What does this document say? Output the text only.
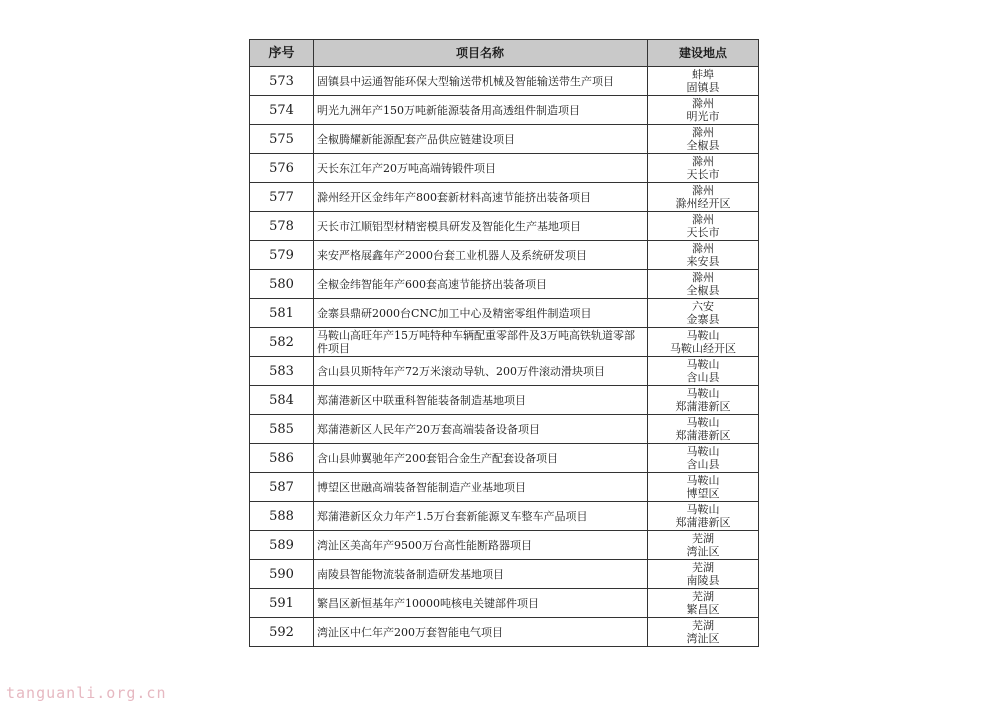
序号	项目名称	建设地点
573	固镇县中运通智能环保大型输送带机械及智能输送带生产项目	蚌埠
固镇县

574	明光九洲年产150万吨新能源装备用高透组件制造项目	滁州
明光市

575	全椒腾耀新能源配套产品供应链建设项目	滁州
全椒县

576	天长东江年产20万吨高端铸锻件项目	滁州
天长市

577	滁州经开区金纬年产800套新材料高速节能挤出装备项目	滁州
滁州经开区

578	天长市江顺铝型材精密模具研发及智能化生产基地项目	滁州
天长市

579	来安严格展鑫年产2000台套工业机器人及系统研发项目	滁州
来安县

580	全椒金纬智能年产600套高速节能挤出装备项目	滁州
全椒县

581	金寨县鼎研2000台CNC加工中心及精密零组件制造项目	六安
金寨县

582	马鞍山高旺年产15万吨特种车辆配重零部件及3万吨高铁轨道零部件项目	马鞍山
马鞍山经开区

583	含山县贝斯特年产72万米滚动导轨、200万件滚动滑块项目	马鞍山
含山县

584	郑蒲港新区中联重科智能装备制造基地项目	马鞍山
郑蒲港新区

585	郑蒲港新区人民年产20万套高端装备设备项目	马鞍山
郑蒲港新区

586	含山县帅翼驰年产200套铝合金生产配套设备项目	马鞍山
含山县

587	博望区世融高端装备智能制造产业基地项目	马鞍山
博望区

588	郑蒲港新区众力年产1.5万台套新能源叉车整车产品项目	马鞍山
郑蒲港新区

589	湾沚区美高年产9500万台高性能断路器项目	芜湖
湾沚区

590	南陵县智能物流装备制造研发基地项目	芜湖
南陵县

591	繁昌区新恒基年产10000吨核电关键部件项目	芜湖
繁昌区

592	湾沚区中仁年产200万套智能电气项目	芜湖
湾沚区
tanguanli.org.cn
